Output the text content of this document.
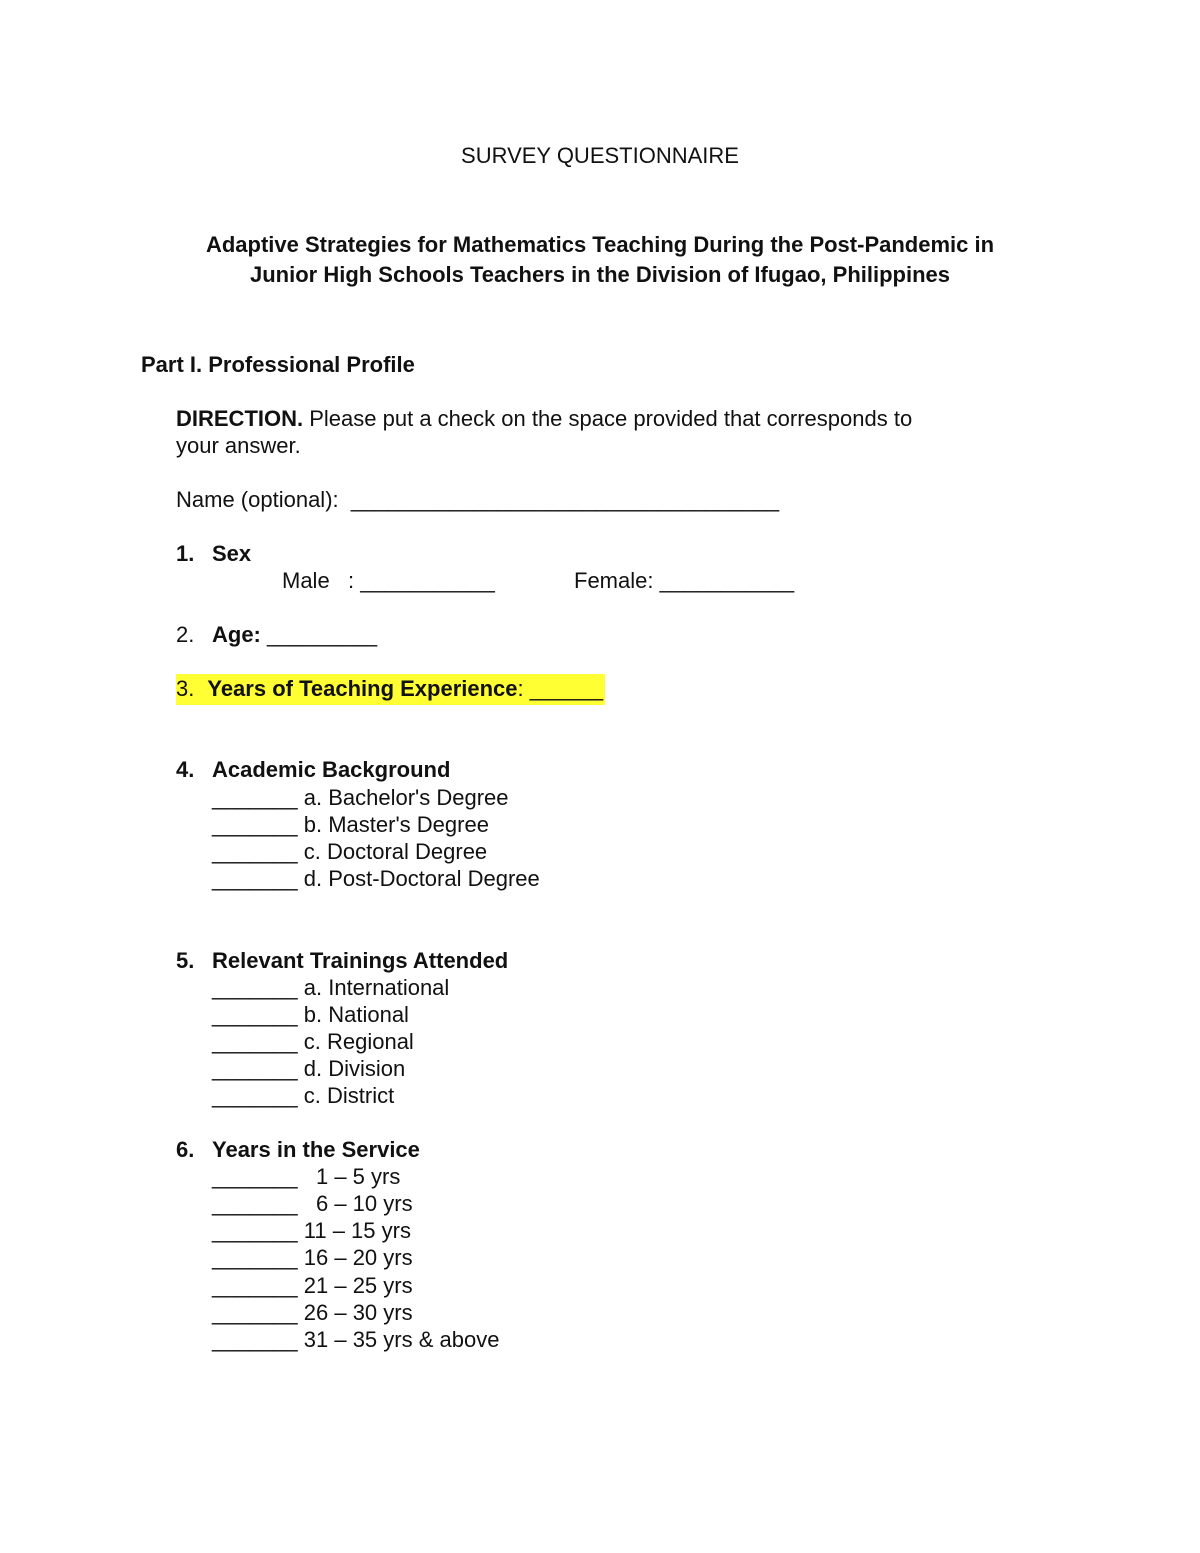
SURVEY QUESTIONNAIRE
Adaptive Strategies for Mathematics Teaching During the Post-Pandemic in
Junior High Schools Teachers in the Division of Ifugao, Philippines
Part I. Professional Profile
DIRECTION. Please put a check on the space provided that corresponds to
your answer.
Name (optional):  ___________________________________
1. Sex
Male   : ___________	Female: ___________
2. Age: _________
3. Years of Teaching Experience: ______
4. Academic Background
_______ a. Bachelor's Degree
_______ b. Master's Degree
_______ c. Doctoral Degree
_______ d. Post-Doctoral Degree
5. Relevant Trainings Attended
_______ a. International
_______ b. National
_______ c. Regional
_______ d. Division
_______ c. District
6. Years in the Service
_______   1 – 5 yrs
_______   6 – 10 yrs
_______ 11 – 15 yrs
_______ 16 – 20 yrs
_______ 21 – 25 yrs
_______ 26 – 30 yrs
_______ 31 – 35 yrs & above
